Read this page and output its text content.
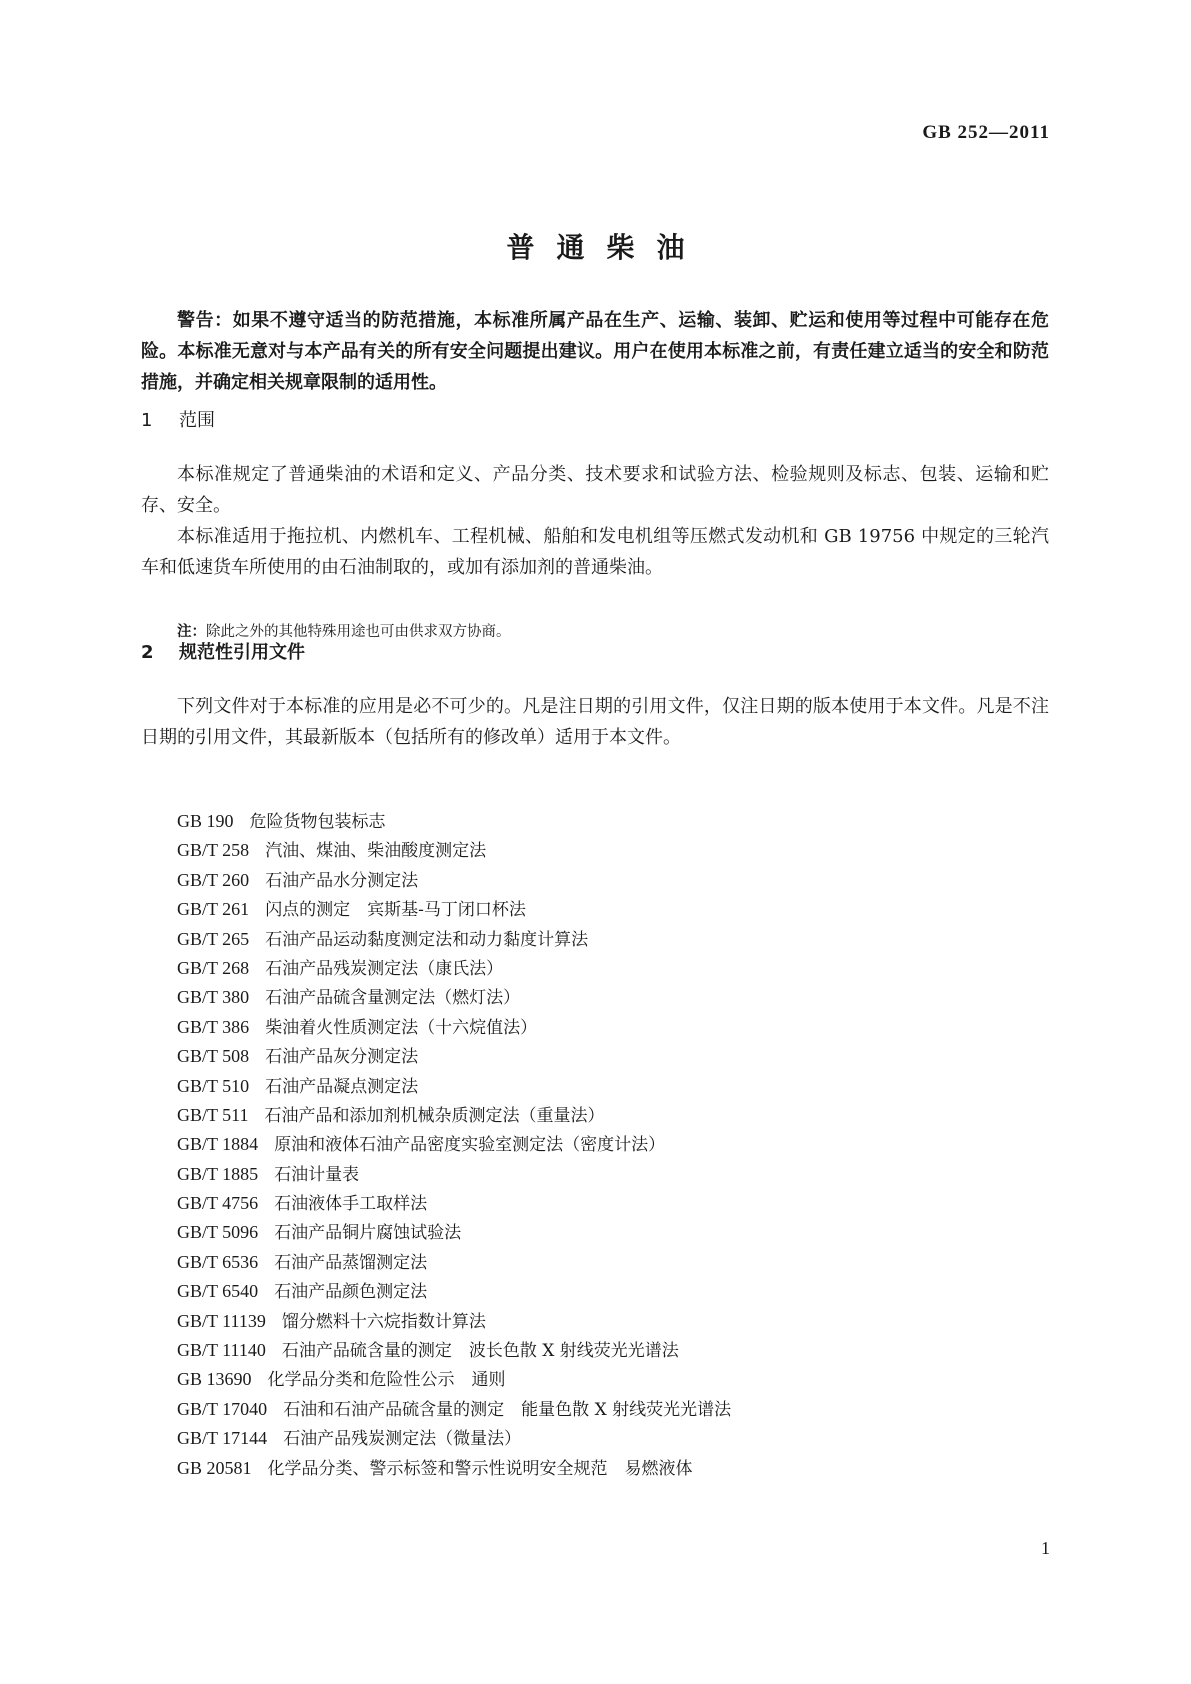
GB 252—2011
普通柴油
警告：如果不遵守适当的防范措施，本标准所属产品在生产、运输、装卸、贮运和使用等过程中可能存在危险。本标准无意对与本产品有关的所有安全问题提出建议。用户在使用本标准之前，有责任建立适当的安全和防范措施，并确定相关规章限制的适用性。
1 范围
本标准规定了普通柴油的术语和定义、产品分类、技术要求和试验方法、检验规则及标志、包装、运输和贮存、安全。
本标准适用于拖拉机、内燃机车、工程机械、船舶和发电机组等压燃式发动机和 GB 19756 中规定的三轮汽车和低速货车所使用的由石油制取的，或加有添加剂的普通柴油。
注：除此之外的其他特殊用途也可由供求双方协商。
2 规范性引用文件
下列文件对于本标准的应用是必不可少的。凡是注日期的引用文件，仅注日期的版本使用于本文件。凡是不注日期的引用文件，其最新版本（包括所有的修改单）适用于本文件。
GB 190 危险货物包装标志
GB/T 258 汽油、煤油、柴油酸度测定法
GB/T 260 石油产品水分测定法
GB/T 261 闪点的测定　宾斯基-马丁闭口杯法
GB/T 265 石油产品运动黏度测定法和动力黏度计算法
GB/T 268 石油产品残炭测定法（康氏法）
GB/T 380 石油产品硫含量测定法（燃灯法）
GB/T 386 柴油着火性质测定法（十六烷值法）
GB/T 508 石油产品灰分测定法
GB/T 510 石油产品凝点测定法
GB/T 511 石油产品和添加剂机械杂质测定法（重量法）
GB/T 1884 原油和液体石油产品密度实验室测定法（密度计法）
GB/T 1885 石油计量表
GB/T 4756 石油液体手工取样法
GB/T 5096 石油产品铜片腐蚀试验法
GB/T 6536 石油产品蒸馏测定法
GB/T 6540 石油产品颜色测定法
GB/T 11139 馏分燃料十六烷指数计算法
GB/T 11140 石油产品硫含量的测定　波长色散 X 射线荧光光谱法
GB 13690 化学品分类和危险性公示　通则
GB/T 17040 石油和石油产品硫含量的测定　能量色散 X 射线荧光光谱法
GB/T 17144 石油产品残炭测定法（微量法）
GB 20581 化学品分类、警示标签和警示性说明安全规范　易燃液体
1
